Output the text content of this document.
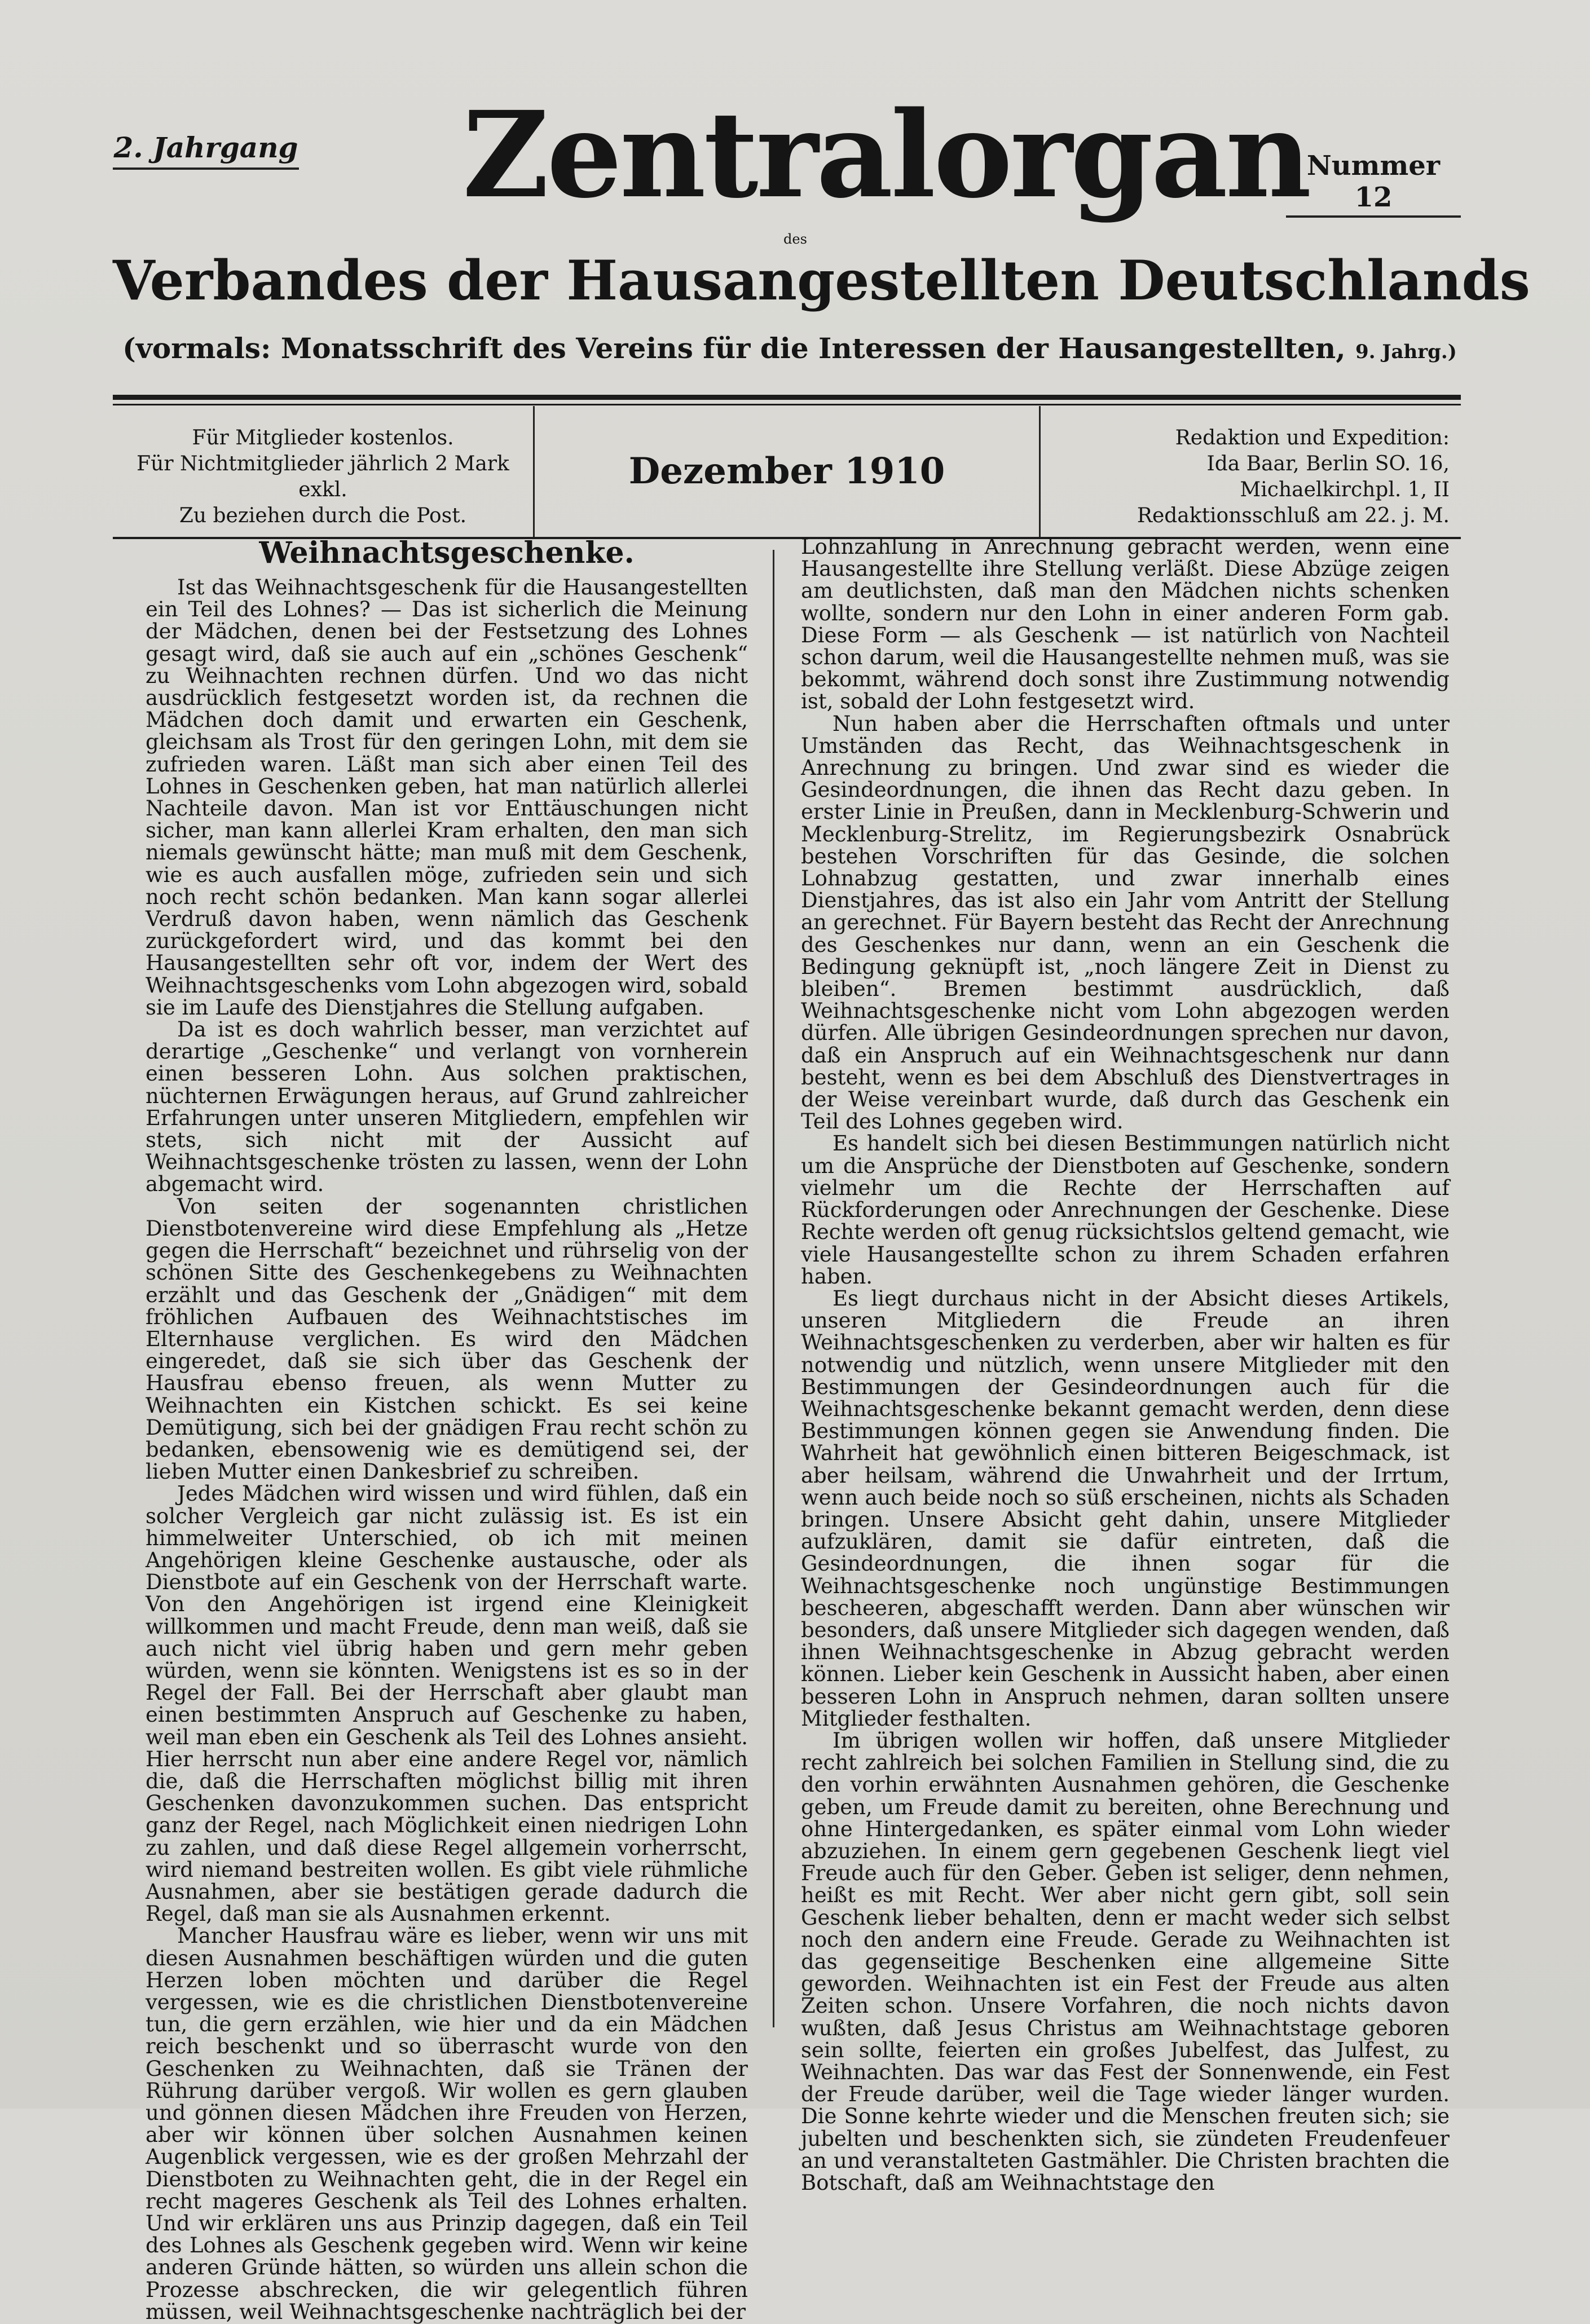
2. Jahrgang
Nummer 12
Zentralorgan
des
Verbandes der Hausangestellten Deutschlands
(vormals: Monatsschrift des Vereins für die Interessen der Hausangestellten, 9. Jahrg.)
Für Mitglieder kostenlos.
Für Nichtmitglieder jährlich 2 Mark exkl.
Zu beziehen durch die Post.
Dezember 1910
Redaktion und Expedition:
Ida Baar, Berlin SO. 16, Michaelkirchpl. 1, II
Redaktionsschluß am 22. j. M.
Weihnachtsgeschenke.

Ist das Weihnachtsgeschenk für die Hausangestellten ein Teil des Lohnes? — Das ist sicherlich die Meinung der Mädchen, denen bei der Festsetzung des Lohnes gesagt wird, daß sie auch auf ein „schönes Geschenk“ zu Weihnachten rechnen dürfen. Und wo das nicht ausdrücklich festgesetzt worden ist, da rechnen die Mädchen doch damit und erwarten ein Geschenk, gleichsam als Trost für den geringen Lohn, mit dem sie zufrieden waren. Läßt man sich aber einen Teil des Lohnes in Geschenken geben, hat man natürlich allerlei Nachteile davon. Man ist vor Enttäuschungen nicht sicher, man kann allerlei Kram erhalten, den man sich niemals gewünscht hätte; man muß mit dem Geschenk, wie es auch ausfallen möge, zufrieden sein und sich noch recht schön bedanken. Man kann sogar allerlei Verdruß davon haben, wenn nämlich das Geschenk zurückgefordert wird, und das kommt bei den Hausangestellten sehr oft vor, indem der Wert des Weihnachtsgeschenks vom Lohn abgezogen wird, sobald sie im Laufe des Dienstjahres die Stellung aufgaben.

Da ist es doch wahrlich besser, man verzichtet auf derartige „Geschenke“ und verlangt von vornherein einen besseren Lohn. Aus solchen praktischen, nüchternen Erwägungen heraus, auf Grund zahlreicher Erfahrungen unter unseren Mitgliedern, empfehlen wir stets, sich nicht mit der Aussicht auf Weihnachtsgeschenke trösten zu lassen, wenn der Lohn abgemacht wird.

Von seiten der sogenannten christlichen Dienstbotenvereine wird diese Empfehlung als „Hetze gegen die Herrschaft“ bezeichnet und rührselig von der schönen Sitte des Geschenkegebens zu Weihnachten erzählt und das Geschenk der „Gnädigen“ mit dem fröhlichen Aufbauen des Weihnachtstisches im Elternhause verglichen. Es wird den Mädchen eingeredet, daß sie sich über das Geschenk der Hausfrau ebenso freuen, als wenn Mutter zu Weihnachten ein Kistchen schickt. Es sei keine Demütigung, sich bei der gnädigen Frau recht schön zu bedanken, ebensowenig wie es demütigend sei, der lieben Mutter einen Dankesbrief zu schreiben.

Jedes Mädchen wird wissen und wird fühlen, daß ein solcher Vergleich gar nicht zulässig ist. Es ist ein himmelweiter Unterschied, ob ich mit meinen Angehörigen kleine Geschenke austausche, oder als Dienstbote auf ein Geschenk von der Herrschaft warte. Von den Angehörigen ist irgend eine Kleinigkeit willkommen und macht Freude, denn man weiß, daß sie auch nicht viel übrig haben und gern mehr geben würden, wenn sie könnten. Wenigstens ist es so in der Regel der Fall. Bei der Herrschaft aber glaubt man einen bestimmten Anspruch auf Geschenke zu haben, weil man eben ein Geschenk als Teil des Lohnes ansieht. Hier herrscht nun aber eine andere Regel vor, nämlich die, daß die Herrschaften möglichst billig mit ihren Geschenken davonzukommen suchen. Das entspricht ganz der Regel, nach Möglichkeit einen niedrigen Lohn zu zahlen, und daß diese Regel allgemein vorherrscht, wird niemand bestreiten wollen. Es gibt viele rühmliche Ausnahmen, aber sie bestätigen gerade dadurch die Regel, daß man sie als Ausnahmen erkennt.

Mancher Hausfrau wäre es lieber, wenn wir uns mit diesen Ausnahmen beschäftigen würden und die guten Herzen loben möchten und darüber die Regel vergessen, wie es die christlichen Dienstbotenvereine tun, die gern erzählen, wie hier und da ein Mädchen reich beschenkt und so überrascht wurde von den Geschenken zu Weihnachten, daß sie Tränen der Rührung darüber vergoß. Wir wollen es gern glauben und gönnen diesen Mädchen ihre Freuden von Herzen, aber wir können über solchen Ausnahmen keinen Augenblick vergessen, wie es der großen Mehrzahl der Dienstboten zu Weihnachten geht, die in der Regel ein recht mageres Geschenk als Teil des Lohnes erhalten. Und wir erklären uns aus Prinzip dagegen, daß ein Teil des Lohnes als Geschenk gegeben wird. Wenn wir keine anderen Gründe hätten, so würden uns allein schon die Prozesse abschrecken, die wir gelegentlich führen müssen, weil Weihnachtsgeschenke nachträglich bei der

Lohnzahlung in Anrechnung gebracht werden, wenn eine Hausangestellte ihre Stellung verläßt. Diese Abzüge zeigen am deutlichsten, daß man den Mädchen nichts schenken wollte, sondern nur den Lohn in einer anderen Form gab. Diese Form — als Geschenk — ist natürlich von Nachteil schon darum, weil die Hausangestellte nehmen muß, was sie bekommt, während doch sonst ihre Zustimmung notwendig ist, sobald der Lohn festgesetzt wird.

Nun haben aber die Herrschaften oftmals und unter Umständen das Recht, das Weihnachtsgeschenk in Anrechnung zu bringen. Und zwar sind es wieder die Gesindeordnungen, die ihnen das Recht dazu geben. In erster Linie in Preußen, dann in Mecklenburg-Schwerin und Mecklenburg-Strelitz, im Regierungsbezirk Osnabrück bestehen Vorschriften für das Gesinde, die solchen Lohnabzug gestatten, und zwar innerhalb eines Dienstjahres, das ist also ein Jahr vom Antritt der Stellung an gerechnet. Für Bayern besteht das Recht der Anrechnung des Geschenkes nur dann, wenn an ein Geschenk die Bedingung geknüpft ist, „noch längere Zeit in Dienst zu bleiben“. Bremen bestimmt ausdrücklich, daß Weihnachtsgeschenke nicht vom Lohn abgezogen werden dürfen. Alle übrigen Gesindeordnungen sprechen nur davon, daß ein Anspruch auf ein Weihnachtsgeschenk nur dann besteht, wenn es bei dem Abschluß des Dienstvertrages in der Weise vereinbart wurde, daß durch das Geschenk ein Teil des Lohnes gegeben wird.

Es handelt sich bei diesen Bestimmungen natürlich nicht um die Ansprüche der Dienstboten auf Geschenke, sondern vielmehr um die Rechte der Herrschaften auf Rückforderungen oder Anrechnungen der Geschenke. Diese Rechte werden oft genug rücksichtslos geltend gemacht, wie viele Hausangestellte schon zu ihrem Schaden erfahren haben.

Es liegt durchaus nicht in der Absicht dieses Artikels, unseren Mitgliedern die Freude an ihren Weihnachtsgeschenken zu verderben, aber wir halten es für notwendig und nützlich, wenn unsere Mitglieder mit den Bestimmungen der Gesindeordnungen auch für die Weihnachtsgeschenke bekannt gemacht werden, denn diese Bestimmungen können gegen sie Anwendung finden. Die Wahrheit hat gewöhnlich einen bitteren Beigeschmack, ist aber heilsam, während die Unwahrheit und der Irrtum, wenn auch beide noch so süß erscheinen, nichts als Schaden bringen. Unsere Absicht geht dahin, unsere Mitglieder aufzuklären, damit sie dafür eintreten, daß die Gesindeordnungen, die ihnen sogar für die Weihnachtsgeschenke noch ungünstige Bestimmungen bescheeren, abgeschafft werden. Dann aber wünschen wir besonders, daß unsere Mitglieder sich dagegen wenden, daß ihnen Weihnachtsgeschenke in Abzug gebracht werden können. Lieber kein Geschenk in Aussicht haben, aber einen besseren Lohn in Anspruch nehmen, daran sollten unsere Mitglieder festhalten.

Im übrigen wollen wir hoffen, daß unsere Mitglieder recht zahlreich bei solchen Familien in Stellung sind, die zu den vorhin erwähnten Ausnahmen gehören, die Geschenke geben, um Freude damit zu bereiten, ohne Berechnung und ohne Hintergedanken, es später einmal vom Lohn wieder abzuziehen. In einem gern gegebenen Geschenk liegt viel Freude auch für den Geber. Geben ist seliger, denn nehmen, heißt es mit Recht. Wer aber nicht gern gibt, soll sein Geschenk lieber behalten, denn er macht weder sich selbst noch den andern eine Freude. Gerade zu Weihnachten ist das gegenseitige Beschenken eine allgemeine Sitte geworden. Weihnachten ist ein Fest der Freude aus alten Zeiten schon. Unsere Vorfahren, die noch nichts davon wußten, daß Jesus Christus am Weihnachtstage geboren sein sollte, feierten ein großes Jubelfest, das Julfest, zu Weihnachten. Das war das Fest der Sonnenwende, ein Fest der Freude darüber, weil die Tage wieder länger wurden. Die Sonne kehrte wieder und die Menschen freuten sich; sie jubelten und beschenkten sich, sie zündeten Freudenfeuer an und veranstalteten Gastmähler. Die Christen brachten die Botschaft, daß am Weihnachtstage den
